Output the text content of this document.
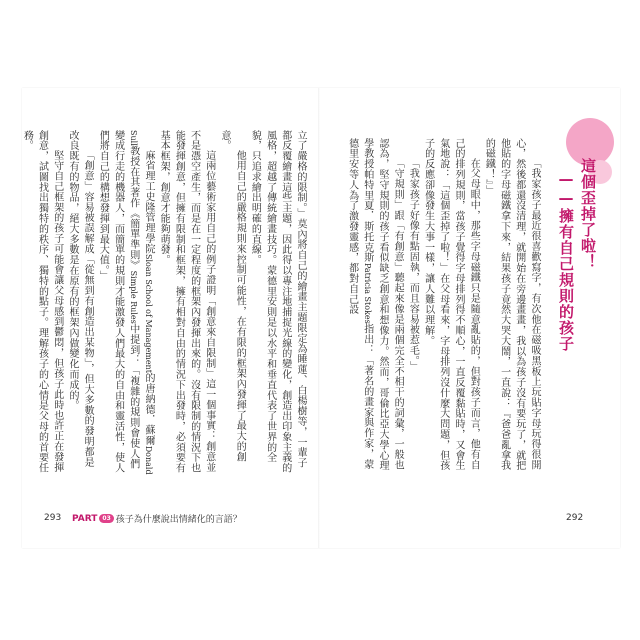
這個歪掉了啦！
——擁有自己規則的孩子

「我家孩子最近很喜歡寫字，有次他在磁吸黑板上玩貼字母玩得很開心，然後都還沒清理，就開始在旁邊畫畫，我以為孩子沒有要玩了，就把他貼的字母磁鐵拿下來，結果孩子竟然大哭大鬧，一直說：『爸爸亂拿我的磁鐵！』」

在父母眼中，那些字母磁鐵只是隨意亂貼的，但對孩子而言，他有自己的排列規則，當孩子覺得字母排列得不順心，一直反覆黏貼時，又會生氣地說：「這個歪掉了啦！」在父母看來，字母排列沒什麼大問題，但孩子的反應卻像發生大事一樣，讓人難以理解。

「我家孩子好像有點固執，而且容易被惹毛。」

「守規則」跟「有創意」聽起來像是兩個完全不相干的詞彙，一般也認為，堅守規則的孩子看似缺乏創意和想像力。然而，哥倫比亞大學心理學教授帕特里夏．斯托克斯Patricia Stokes指出：「著名的畫家與作家，蒙德里安等人為了激發靈感，都對自己設

立了嚴格的限制。」莫內將自己的繪畫主題限定為睡蓮、白楊樹等，一輩子都反覆繪畫這些主題，因此得以專注地捕捉光線的變化，創造出印象主義的風格，超越了傳統繪畫技巧。蒙德里安則是以水平和垂直代表了世界的全貌，只追求繪出明確的直線。

他用自己的嚴格規則來控制可能性，在有限的框架內發揮了最大的創意。

這兩位藝術家用自己的例子證明「創意來自限制」這一個事實：創意並不是憑空產生，而是在一定程度的框架內發揮出來的。沒有限制的情況下也能發揮創意，但擁有限制和框架，擁有相對自由的情況下出發時，必須要有基本框架，創意才能夠萌發。

麻省理工史隆管理學院Sloan School of Management的唐納德．蘇爾Donald Sull教授在其著作《簡單準則》Simple Rules中提到：「複雜的規則會使人們變成行走的機器人，而簡單的規則才能激發人們最大的自由和靈活性，使人們將自己的構想發揮到最大值。」

「創意」容易被誤解成「從無到有創造出某物」，但大多數的發明都是改良既有的物品，絕大多數是在原有的框架內做變化而成的。

堅守自己框架的孩子可能會讓父母感到鬱悶，但孩子此時也許正在發揮創意，試圖找出獨特的秩序、獨特的點子。理解孩子的心情是父母的首要任務。

293 PART 03 孩子為什麼說出情緒化的言語？	292
